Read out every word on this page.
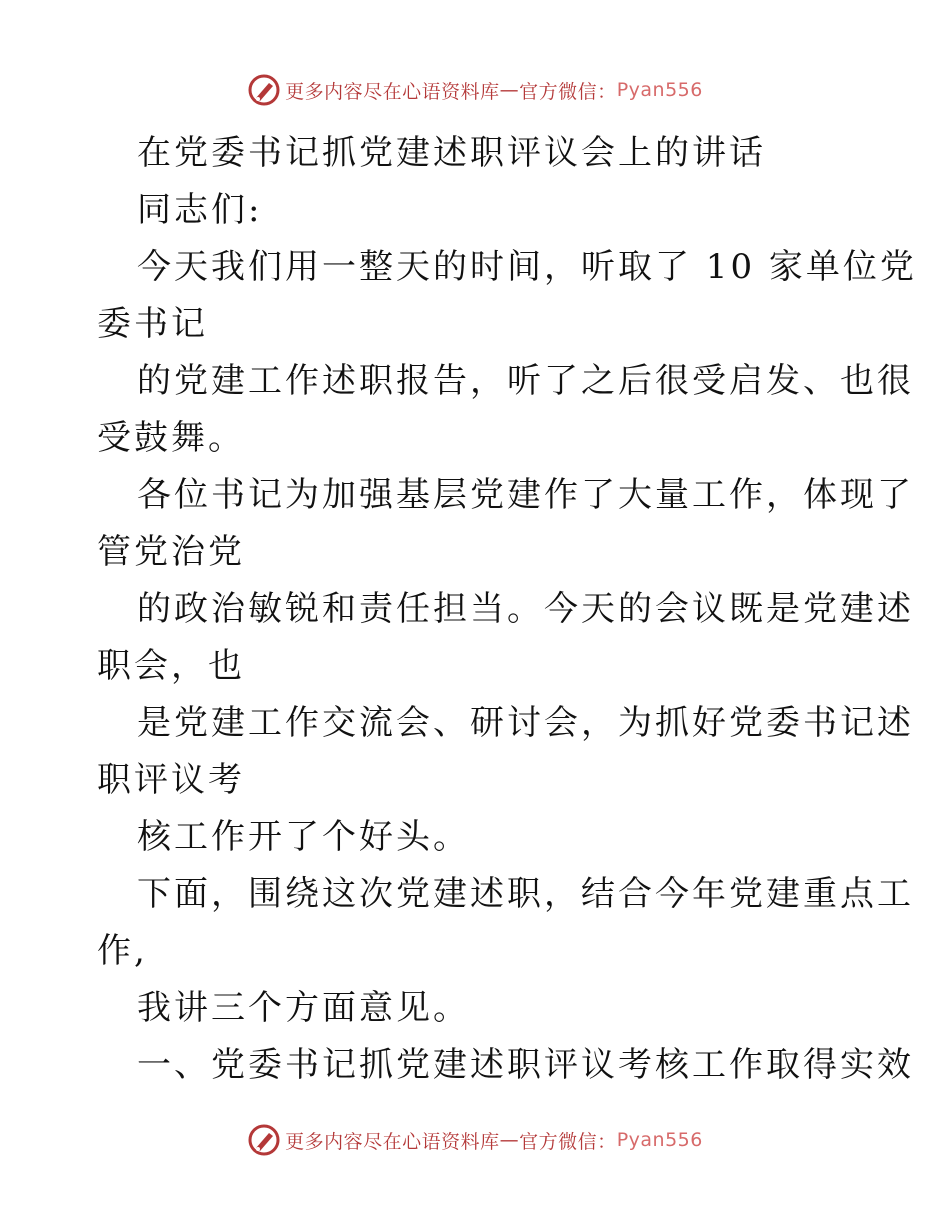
更多内容尽在心语资料库 — 官方微信： Pyan556
在党委书记抓党建述职评议会上的讲话
同志们:
今天我们用一整天的时间，听取了 10 家单位党
委书记
的党建工作述职报告，听了之后很受启发、也很
受鼓舞。
各位书记为加强基层党建作了大量工作，体现了
管党治党
的政治敏锐和责任担当。今天的会议既是党建述
职会，也
是党建工作交流会、研讨会，为抓好党委书记述
职评议考
核工作开了个好头。
下面，围绕这次党建述职，结合今年党建重点工
作,
我讲三个方面意见。
一、党委书记抓党建述职评议考核工作取得实效
更多内容尽在心语资料库 — 官方微信： Pyan556
